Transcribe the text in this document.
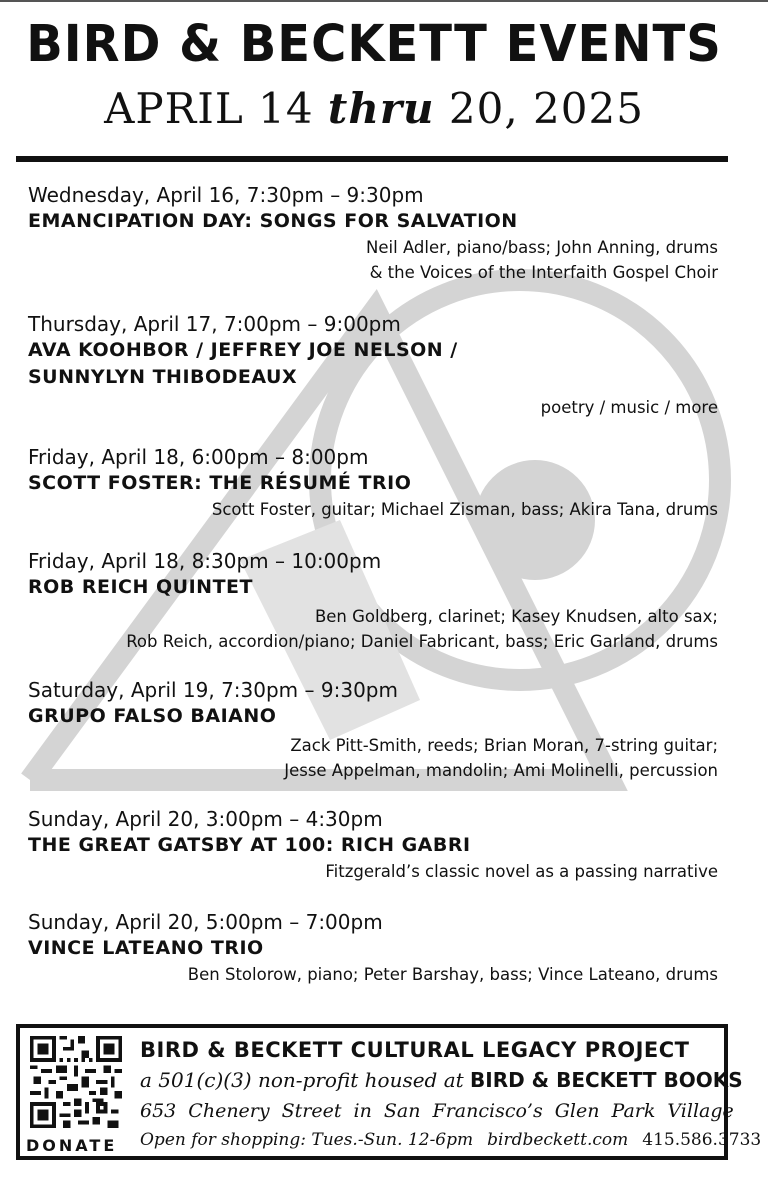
BIRD & BECKETT EVENTS
APRIL 14 thru 20, 2025
Wednesday, April 16, 7:30pm – 9:30pm
EMANCIPATION DAY: SONGS FOR SALVATION
Neil Adler, piano/bass; John Anning, drums
& the Voices of the Interfaith Gospel Choir
Thursday, April 17, 7:00pm – 9:00pm
AVA KOOHBOR / JEFFREY JOE NELSON /
SUNNYLYN THIBODEAUX
poetry / music / more
Friday, April 18, 6:00pm – 8:00pm
SCOTT FOSTER: THE RÉSUMÉ TRIO
Scott Foster, guitar; Michael Zisman, bass; Akira Tana, drums
Friday, April 18, 8:30pm – 10:00pm
ROB REICH QUINTET
Ben Goldberg, clarinet; Kasey Knudsen, alto sax;
Rob Reich, accordion/piano; Daniel Fabricant, bass; Eric Garland, drums
Saturday, April 19, 7:30pm – 9:30pm
GRUPO FALSO BAIANO
Zack Pitt-Smith, reeds; Brian Moran, 7-string guitar;
Jesse Appelman, mandolin; Ami Molinelli, percussion
Sunday, April 20, 3:00pm – 4:30pm
THE GREAT GATSBY AT 100: RICH GABRI
Fitzgerald’s classic novel as a passing narrative
Sunday, April 20, 5:00pm – 7:00pm
VINCE LATEANO TRIO
Ben Stolorow, piano; Peter Barshay, bass; Vince Lateano, drums
DONATE
BIRD & BECKETT CULTURAL LEGACY PROJECT
a 501(c)(3) non-profit housed at BIRD & BECKETT BOOKS
653 Chenery Street in San Francisco’s Glen Park Village
Open for shopping: Tues.-Sun. 12-6pm birdbeckett.com 415.586.3733
